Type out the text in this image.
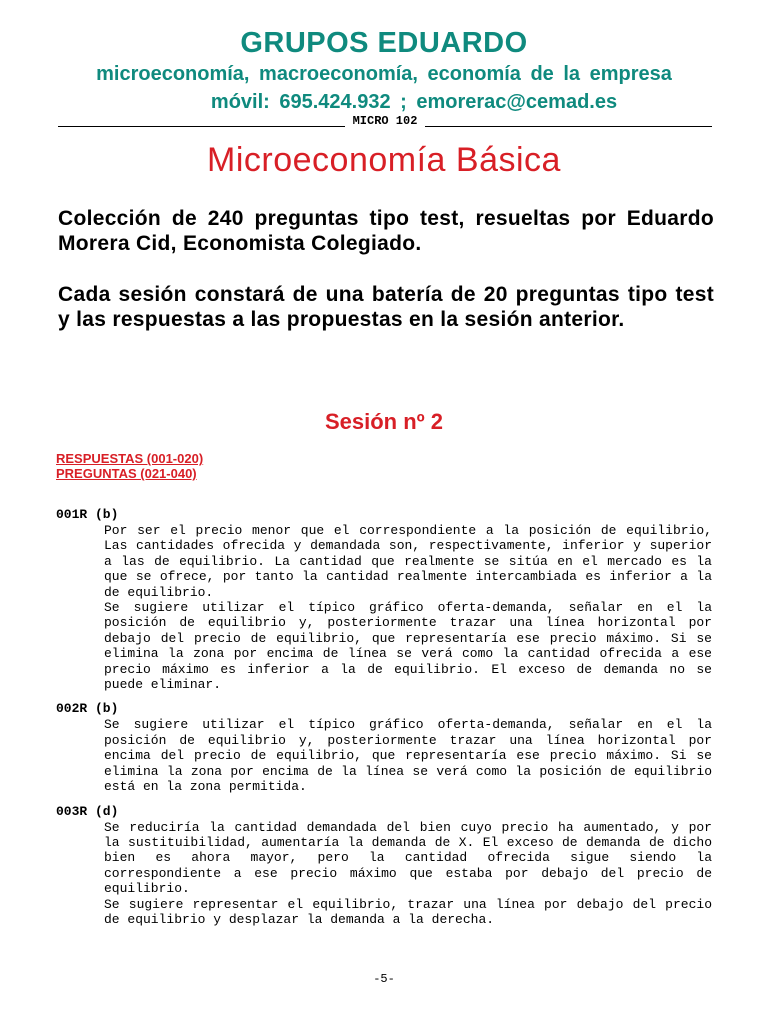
GRUPOS EDUARDO
microeconomía, macroeconomía, economía de la empresa
móvil: 695.424.932 ; emorerac@cemad.es
MICRO 102
Microeconomía Básica
Colección de 240 preguntas tipo test, resueltas por Eduardo Morera Cid, Economista Colegiado.
Cada sesión constará de una batería de 20 preguntas tipo test y las respuestas a las propuestas en la sesión anterior.
Sesión nº 2
RESPUESTAS (001-020)
PREGUNTAS (021-040)
001R (b)

Por ser el precio menor que el correspondiente a la posición de equilibrio, Las cantidades ofrecida y demandada son, respectivamente, inferior y superior a las de equilibrio. La cantidad que realmente se sitúa en el mercado es la que se ofrece, por tanto la cantidad realmente intercambiada es inferior a la de equilibrio.

Se sugiere utilizar el típico gráfico oferta-demanda, señalar en el la posición de equilibrio y, posteriormente trazar una línea horizontal por debajo del precio de equilibrio, que representaría ese precio máximo. Si se elimina la zona por encima de línea se verá como la cantidad ofrecida a ese precio máximo es inferior a la de equilibrio. El exceso de demanda no se puede eliminar.

002R (b)

Se sugiere utilizar el típico gráfico oferta-demanda, señalar en el la posición de equilibrio y, posteriormente trazar una línea horizontal por encima del precio de equilibrio, que representaría ese precio máximo. Si se elimina la zona por encima de la línea se verá como la posición de equilibrio está en la zona permitida.

003R (d)

Se reduciría la cantidad demandada del bien cuyo precio ha aumentado, y por la sustituibilidad, aumentaría la demanda de X. El exceso de demanda de dicho bien es ahora mayor, pero la cantidad ofrecida sigue siendo la correspondiente a ese precio máximo que estaba por debajo del precio de equilibrio.

Se sugiere representar el equilibrio, trazar una línea por debajo del precio de equilibrio y desplazar la demanda a la derecha.

-5-
